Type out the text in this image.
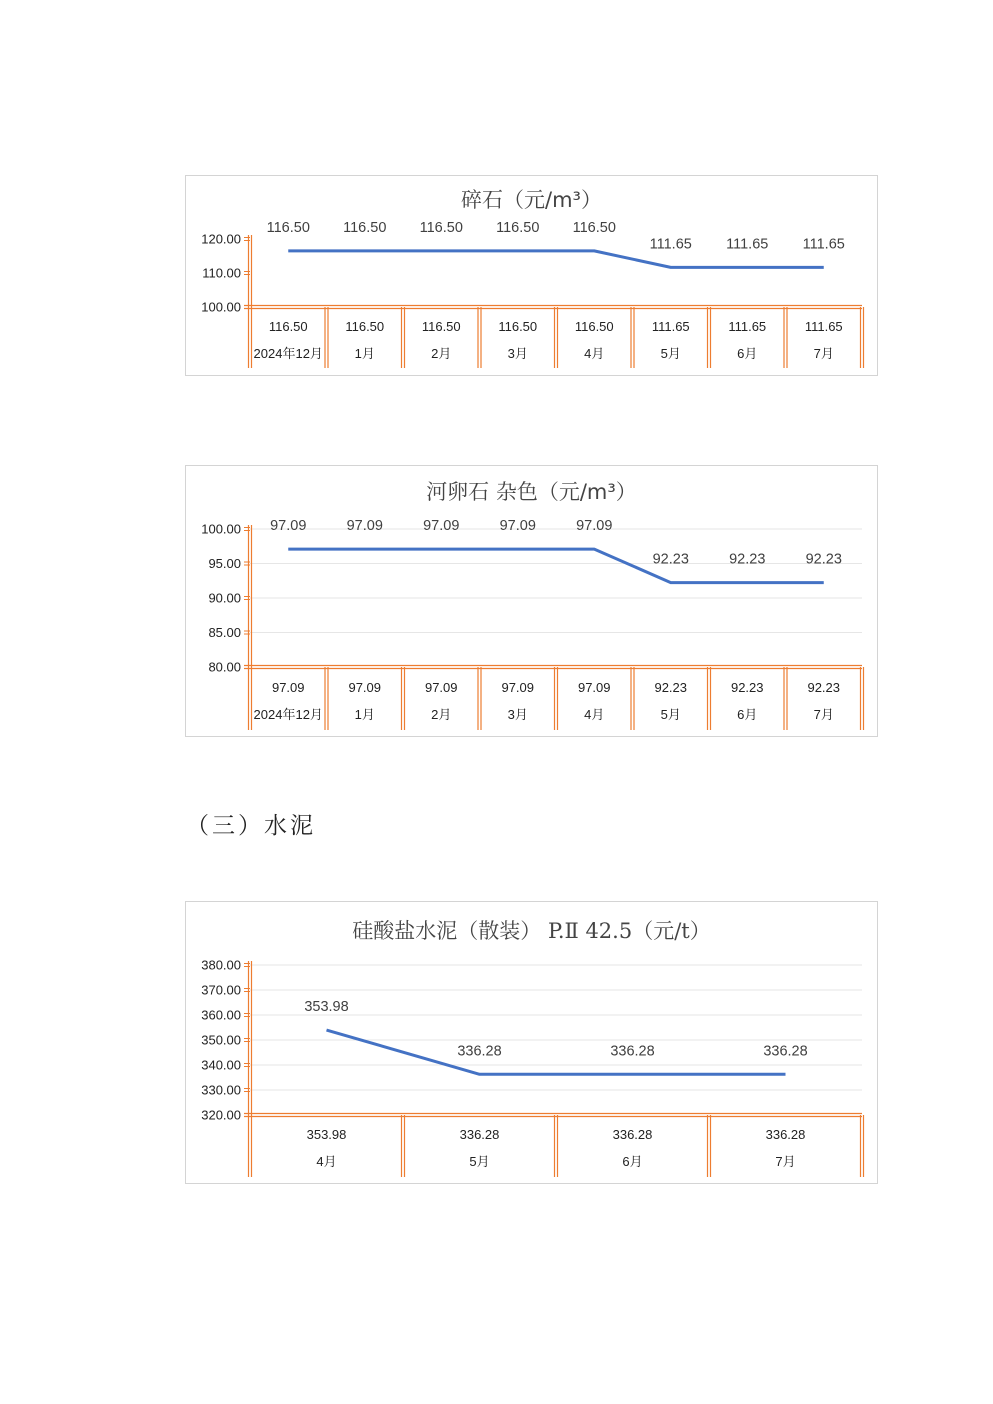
碎石（元/m³）
120.00
110.00
100.00
116.50
116.50
2024年12月
116.50
116.50
1月
116.50
116.50
2月
116.50
116.50
3月
116.50
116.50
4月
111.65
111.65
5月
111.65
111.65
6月
111.65
111.65
7月
河卵石 杂色（元/m³）
100.00
95.00
90.00
85.00
80.00
97.09
97.09
2024年12月
97.09
97.09
1月
97.09
97.09
2月
97.09
97.09
3月
97.09
97.09
4月
92.23
92.23
5月
92.23
92.23
6月
92.23
92.23
7月
（三）水泥
硅酸盐水泥（散装） P.Ⅱ 42.5（元/t）
380.00
370.00
360.00
350.00
340.00
330.00
320.00
353.98
353.98
4月
336.28
336.28
5月
336.28
336.28
6月
336.28
336.28
7月
